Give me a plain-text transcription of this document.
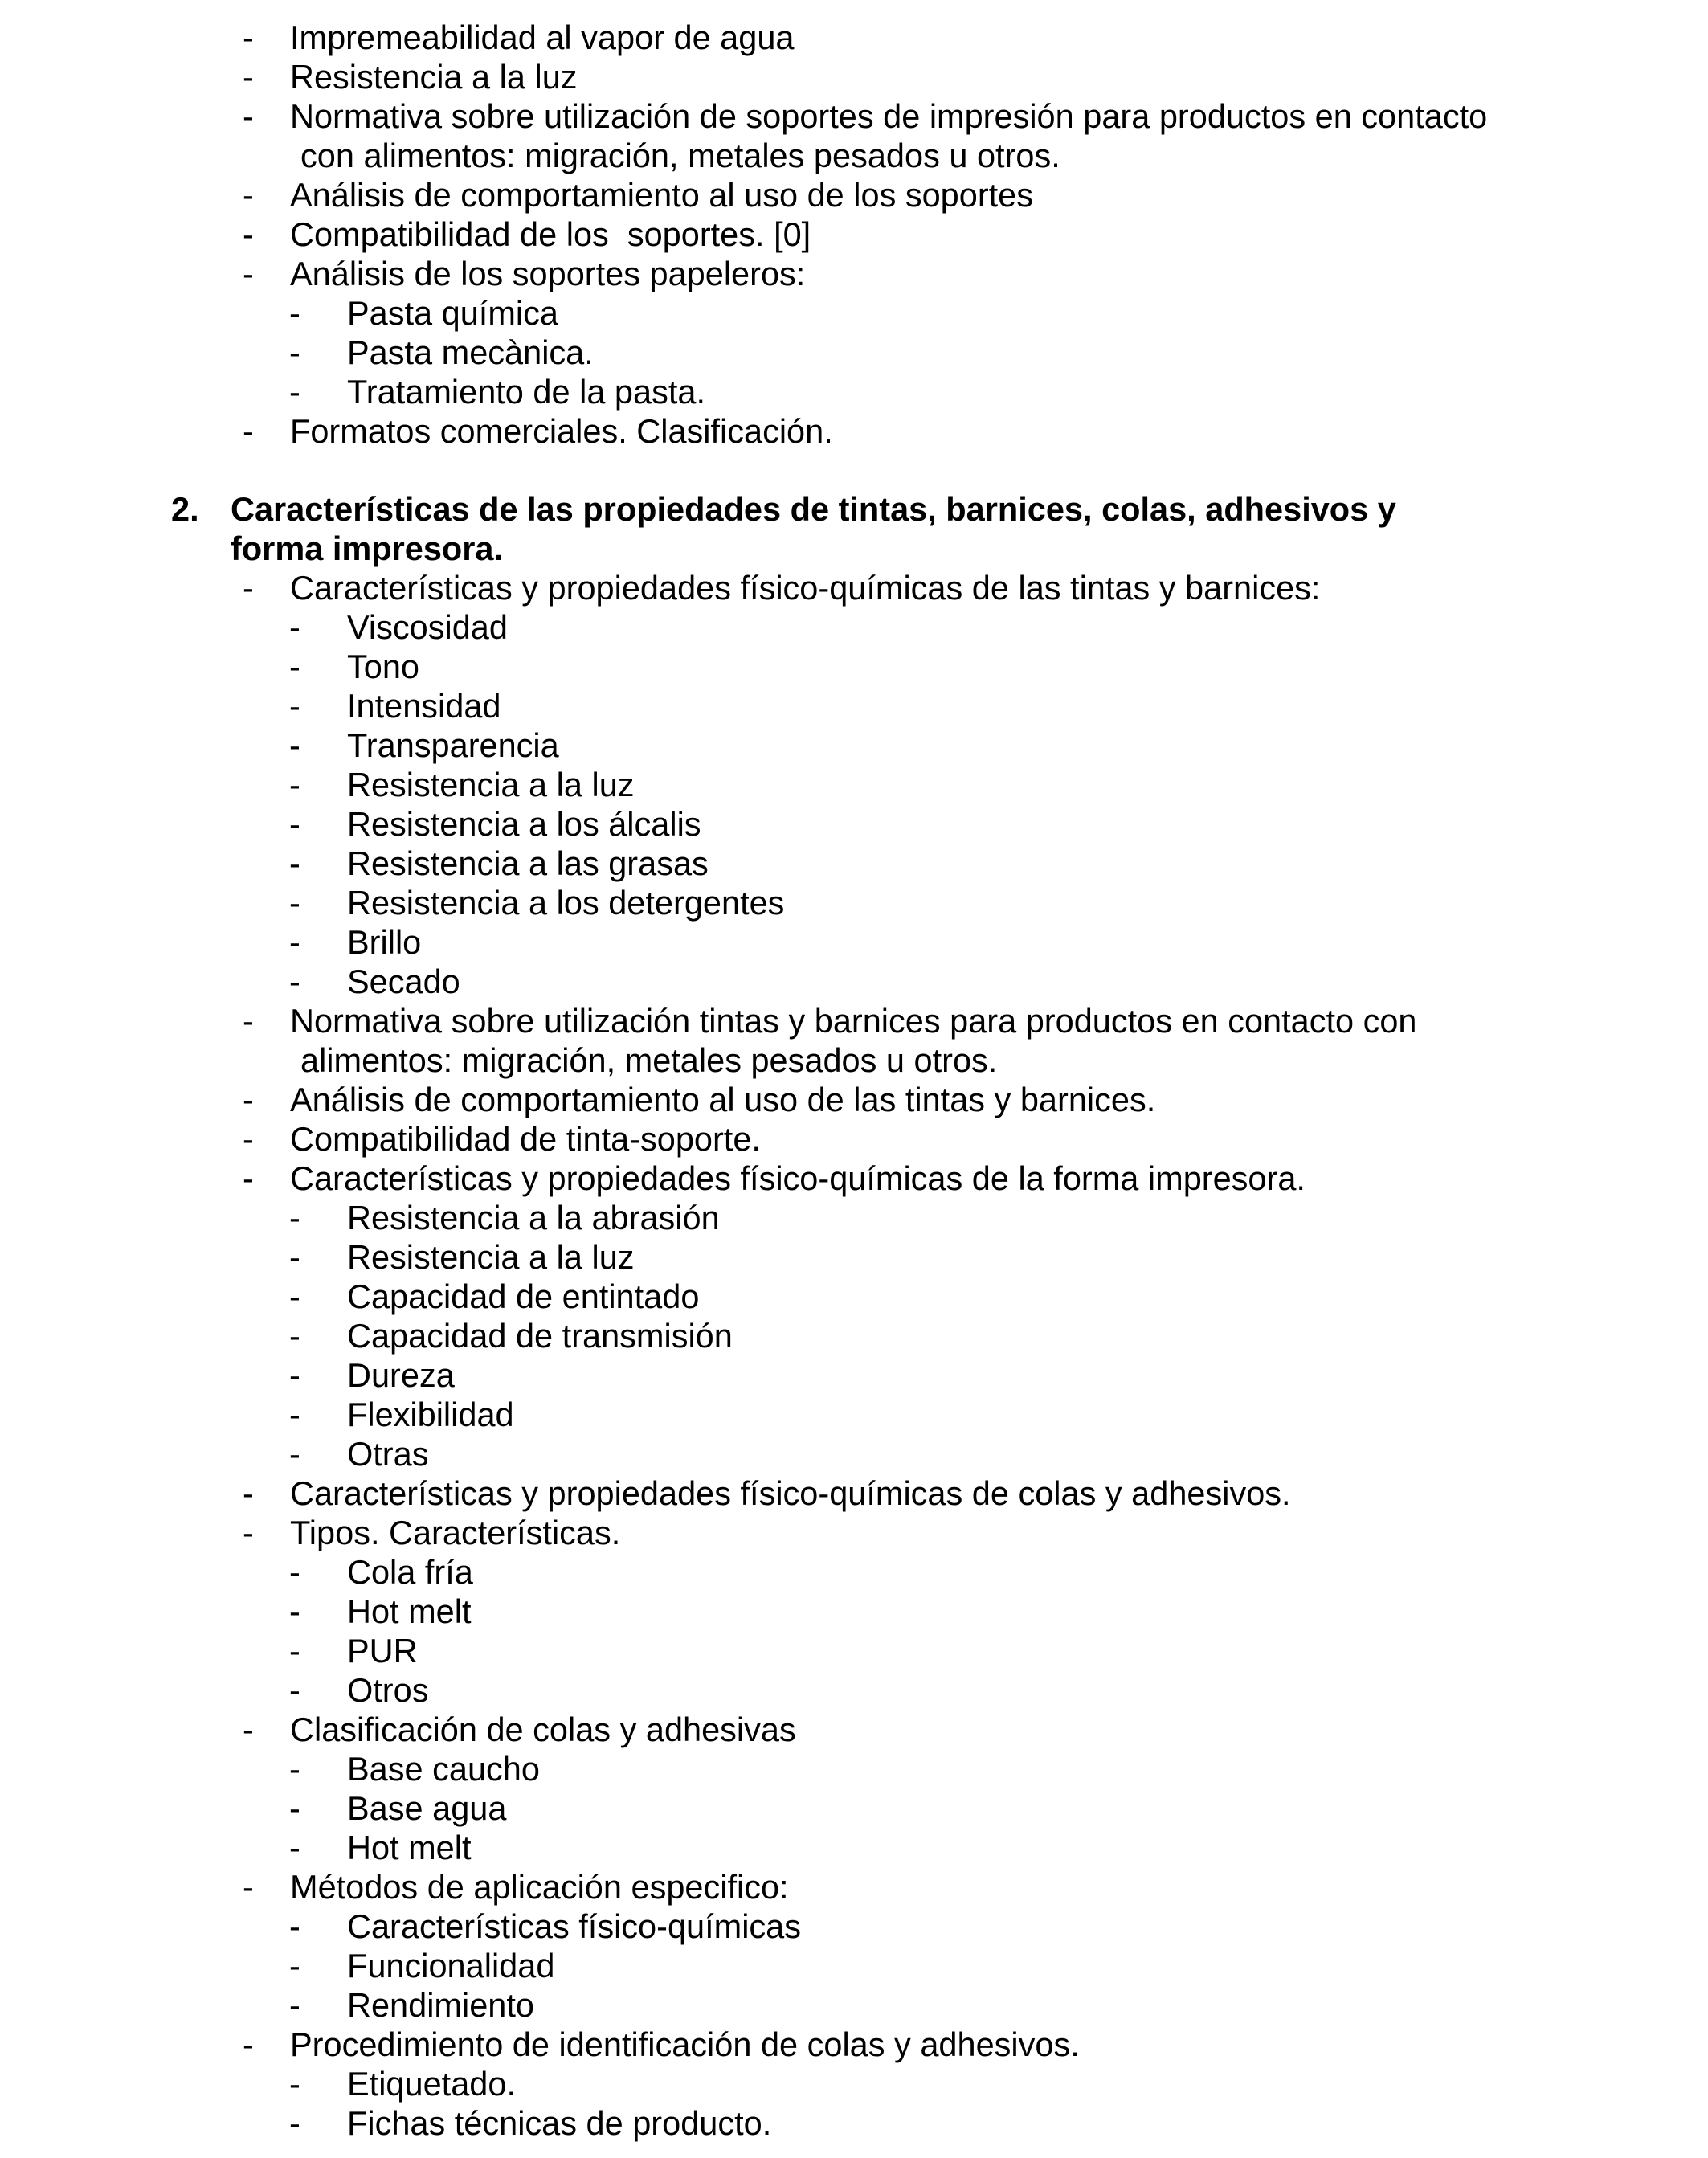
- Impremeabilidad al vapor de agua
- Resistencia a la luz
- Normativa sobre utilización de soportes de impresión para productos en contacto
con alimentos: migración, metales pesados u otros.
- Análisis de comportamiento al uso de los soportes
- Compatibilidad de los  soportes. [0]
- Análisis de los soportes papeleros:
- Pasta química
- Pasta mecànica.
- Tratamiento de la pasta.
- Formatos comerciales. Clasificación.
2. Características de las propiedades de tintas, barnices, colas, adhesivos y
forma impresora.
- Características y propiedades físico-químicas de las tintas y barnices:
- Viscosidad
- Tono
- Intensidad
- Transparencia
- Resistencia a la luz
- Resistencia a los álcalis
- Resistencia a las grasas
- Resistencia a los detergentes
- Brillo
- Secado
- Normativa sobre utilización tintas y barnices para productos en contacto con
alimentos: migración, metales pesados u otros.
- Análisis de comportamiento al uso de las tintas y barnices.
- Compatibilidad de tinta-soporte.
- Características y propiedades físico-químicas de la forma impresora.
- Resistencia a la abrasión
- Resistencia a la luz
- Capacidad de entintado
- Capacidad de transmisión
- Dureza
- Flexibilidad
- Otras
- Características y propiedades físico-químicas de colas y adhesivos.
- Tipos. Características.
- Cola fría
- Hot melt
- PUR
- Otros
- Clasificación de colas y adhesivas
- Base caucho
- Base agua
- Hot melt
- Métodos de aplicación especifico:
- Características físico-químicas
- Funcionalidad
- Rendimiento
- Procedimiento de identificación de colas y adhesivos.
- Etiquetado.
- Fichas técnicas de producto.
